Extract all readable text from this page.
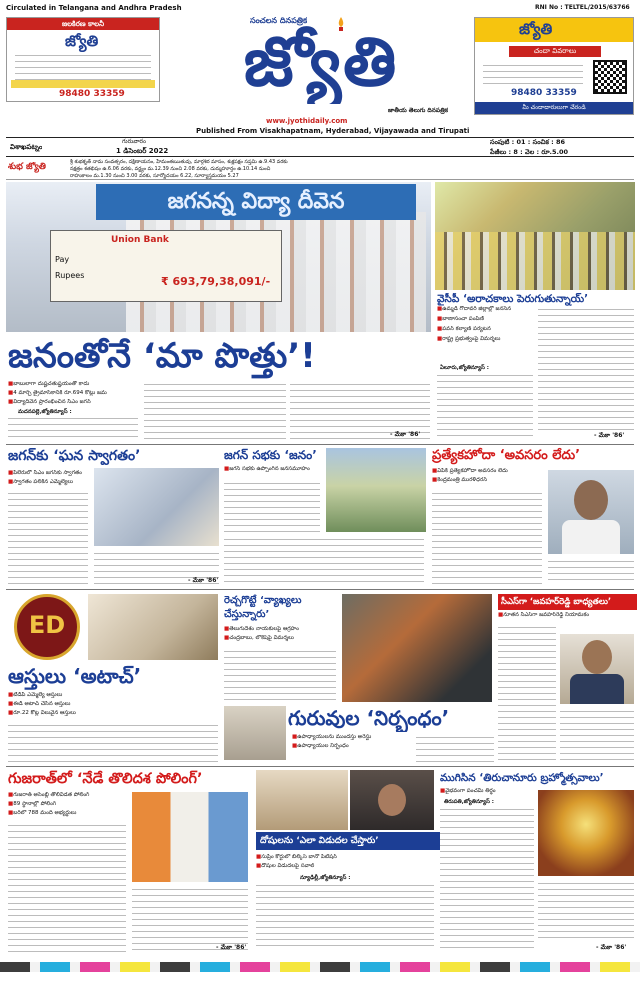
Circulated in Telangana and Andhra Pradesh	RNI No : TELTEL/2015/63766
జలకిరణ కాలనీ
జ్యోతి
98480 33359
సంచలన దినపత్రిక
జ్యోతి
జాతీయ తెలుగు దినపత్రిక
www.jyothidaily.com
Published From Visakhapatnam, Hyderabad, Vijayawada and Tirupati
జ్యోతి
చందా వివరాలు
98480 33359
మీ చందాదారులుగా చేరండి
విశాఖపట్నం
గురువారం
1 డిసెంబర్ 2022
సంపుటి : 01 : సంచిక : 86
పేజీలు : 8 : వెల : రూ.5.00
శుభ జ్యోతి	శ్రీ శుభకృత్ నామ సంవత్సరం, దక్షిణాయనం, హేమంతఋతువు, మార్గశిర మాసం, శుక్లపక్షం సప్తమి ఉ.9.43 వరకు
నక్షత్రం శతభిషం ఉ.6.06 వరకు, వర్జ్యం మ.12.39 నుంచి 2.08 వరకు, దుర్ముహూర్తం ఉ.10.14 నుంచి
రాహుకాలం మ.1.30 నుంచి 3.00 వరకు, సూర్యోదయం 6.22, సూర్యాస్తమయం 5.27
జగనన్న విద్యా దీవెన
Union Bank
Pay
Rupees	₹ 693,79,38,091/-
జనంతోనే ‘మా పొత్తు’!
■ బాబులాగా దుష్టచతుష్టయంతో కాదు
■ 4 మార్చి త్రైమాసికానికి రూ.694 కోట్లు జమ
■ విద్యాదీవెన ప్రారంభించిన సీఎం జగన్
మదనపల్లె,జ్యోతిన్యూస్ :
- మేకా '86'
వైసీపీ ‘అరాచకాలు పెరుగుతున్నాయ్’
■ ఉమ్మడి గోదావరి జిల్లాల్లో జనసేన
■ బాణాసంచా పంపిణీ
■ పవన్ కల్యాణ్ పర్యటన
■ రాష్ట్ర ప్రభుత్వంపై విమర్శలు
ఏలూరు,జ్యోతిన్యూస్ :
- మేకా '86'
జగన్‌కు ‘ఘన స్వాగతం’
■ పీలేరులో సీఎం జగన్‌కు స్వాగతం
■ స్వాగతం పలికిన ఎమ్మెల్యేలు
- మేకా '86'
జగన్ సభకు ‘జనం’
■ జగన్ సభకు ఉప్పొంగిన జనసమూహం
ప్రత్యేకహోదా ‘అవసరం లేదు’
■ ఏపీకి ప్రత్యేకహోదా అవసరం లేదు
■ కేంద్రమంత్రి మురళీధరన్
ED
ఆస్తులు ‘అటాచ్’
■ టీడీపీ ఎమ్మెల్యే ఆస్తులు
■ ఈడీ అటాచ్ చేసిన ఆస్తులు
■ రూ.22 కోట్ల విలువైన ఆస్తులు
రెచ్చగొట్టే ‘వ్యాఖ్యలు చేస్తున్నారు’
■ తెలుగుదేశం నాయకులపై ఆగ్రహం
■ చంద్రబాబు, లోకేష్‌పై విమర్శలు
గురువుల ‘నిర్బంధం’
■ ఉపాధ్యాయులను ముందస్తు అరెస్టు
■ ఉపాధ్యాయుల నిర్బంధం
సీఎస్‌గా ‘జవహర్‌రెడ్డి బాధ్యతలు’
■ నూతన సీఎస్‌గా జవహర్‌రెడ్డి నియామకం
గుజరాత్‌లో ‘నేడే తొలిదశ పోలింగ్’
■ గుజరాత్ అసెంబ్లీ తొలివిడత పోలింగ్
■ 89 స్థానాల్లో పోలింగ్
■ బరిలో 788 మంది అభ్యర్థులు
- మేకా '86'
దోషులను ‘ఎలా విడుదల చేస్తారు’
■ సుప్రీం కోర్టులో బిల్కిస్ బానో పిటిషన్
■ దోషుల విడుదలపై సవాల్
న్యూఢిల్లీ,జ్యోతిన్యూస్ :
ముగిసిన ‘తిరుచానూరు బ్రహ్మోత్సవాలు’
■ వైభవంగా పంచమీ తీర్థం
తిరుపతి,జ్యోతిన్యూస్ :
- మేకా '86'
